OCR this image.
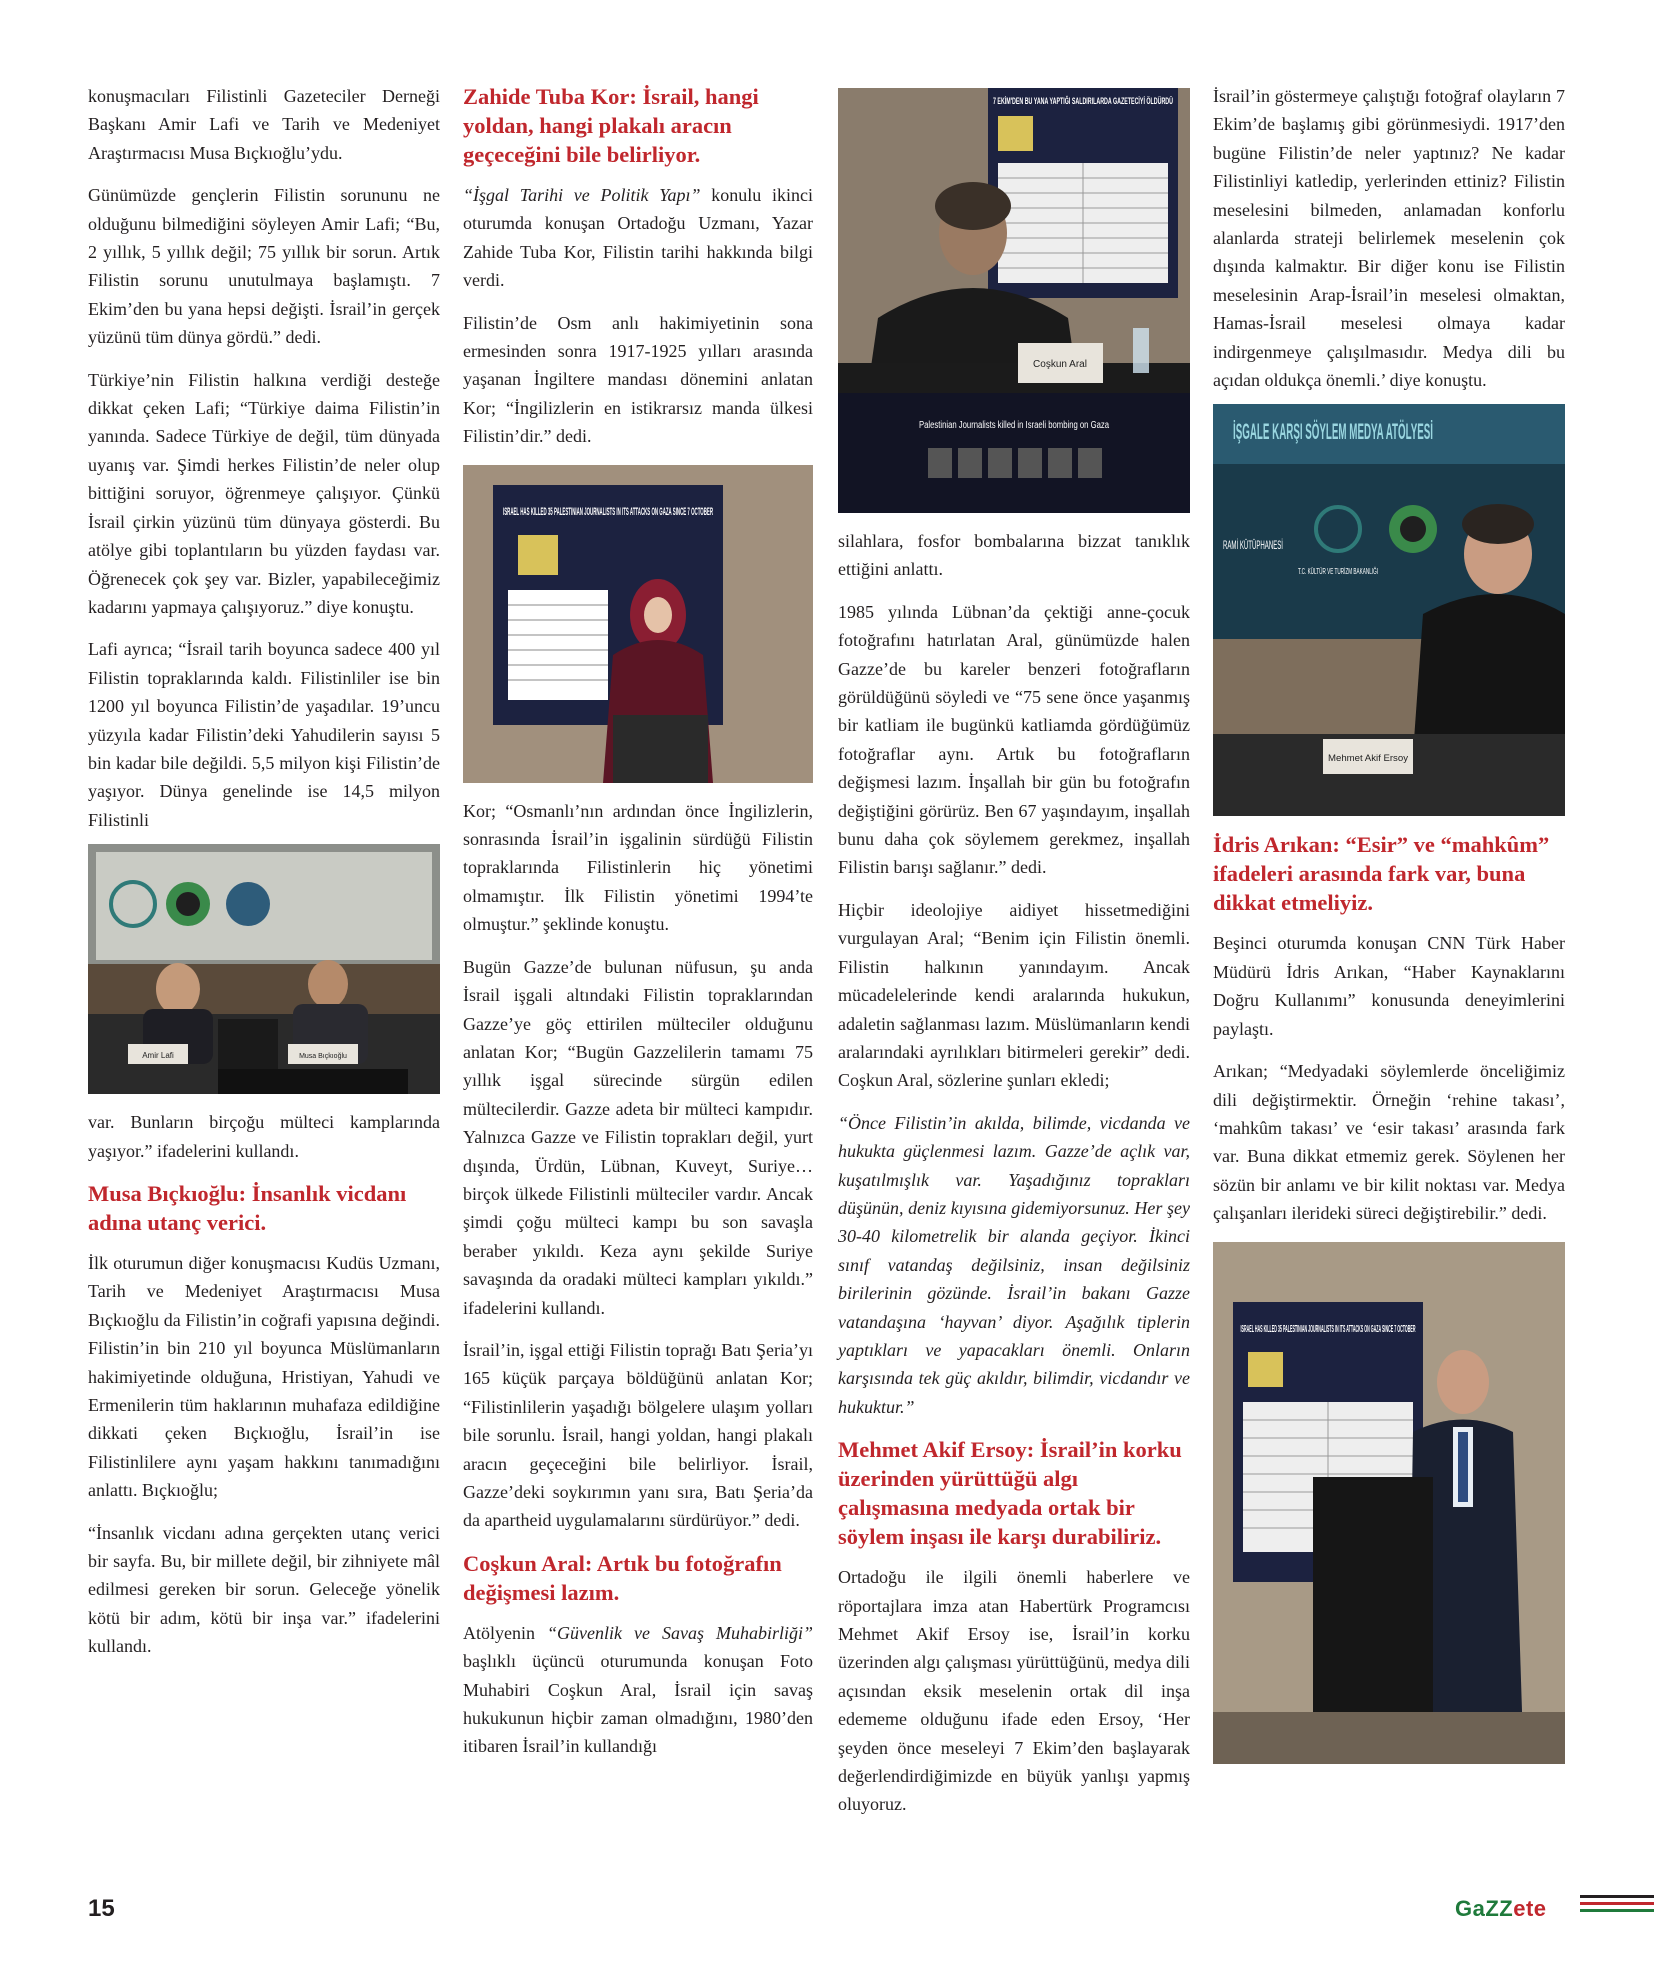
konuşmacıları Filistinli Gazeteciler Derneği Başkanı Amir Lafi ve Tarih ve Medeniyet Araştırmacısı Musa Bıçkıoğlu’ydu.

Günümüzde gençlerin Filistin sorununu ne olduğunu bilmediğini söyleyen Amir Lafi; “Bu, 2 yıllık, 5 yıllık değil; 75 yıllık bir sorun. Artık Filistin sorunu unutulmaya başlamıştı. 7 Ekim’den bu yana hepsi değişti. İsrail’in gerçek yüzünü tüm dünya gördü.” dedi.

Türkiye’nin Filistin halkına verdiği desteğe dikkat çeken Lafi; “Türkiye daima Filistin’in yanında. Sadece Türkiye de değil, tüm dünyada uyanış var. Şimdi herkes Filistin’de neler olup bittiğini soruyor, öğrenmeye çalışıyor. Çünkü İsrail çirkin yüzünü tüm dünyaya gösterdi. Bu atölye gibi toplantıların bu yüzden faydası var. Öğrenecek çok şey var. Bizler, yapabileceğimiz kadarını yapmaya çalışıyoruz.” diye konuştu.

Lafi ayrıca; “İsrail tarih boyunca sadece 400 yıl Filistin topraklarında kaldı. Filistinliler ise bin 1200 yıl boyunca Filistin’de yaşadılar. 19’uncu yüzyıla kadar Filistin’deki Yahudilerin sayısı 5 bin kadar bile değildi. 5,5 milyon kişi Filistin’de yaşıyor. Dünya genelinde ise 14,5 milyon Filistinli

Amir Lafi	Musa Bıçkıoğlu

var. Bunların birçoğu mülteci kamplarında yaşıyor.” ifadelerini kullandı.

Musa Bıçkıoğlu: İnsanlık vicdanı adına utanç verici.

İlk oturumun diğer konuşmacısı Kudüs Uzmanı, Tarih ve Medeniyet Araştırmacısı Musa Bıçkıoğlu da Filistin’in coğrafi yapısına değindi. Filistin’in bin 210 yıl boyunca Müslümanların hakimiyetinde olduğuna, Hristiyan, Yahudi ve Ermenilerin tüm haklarının muhafaza edildiğine dikkati çeken Bıçkıoğlu, İsrail’in ise Filistinlilere aynı yaşam hakkını tanımadığını anlattı. Bıçkıoğlu;

“İnsanlık vicdanı adına gerçekten utanç verici bir sayfa. Bu, bir millete değil, bir zihniyete mâl edilmesi gereken bir sorun. Geleceğe yönelik kötü bir adım, kötü bir inşa var.” ifadelerini kullandı.

Zahide Tuba Kor: İsrail, hangi yoldan, hangi plakalı aracın geçeceğini bile belirliyor.

“İşgal Tarihi ve Politik Yapı” konulu ikinci oturumda konuşan Ortadoğu Uzmanı, Yazar Zahide Tuba Kor, Filistin tarihi hakkında bilgi verdi.

Filistin’de Osm anlı hakimiyetinin sona ermesinden sonra 1917-1925 yılları arasında yaşanan İngiltere mandası dönemini anlatan Kor; “İngilizlerin en istikrarsız manda ülkesi Filistin’dir.” dedi.

ISRAEL HAS KILLED 35 PALESTINIAN JOURNALISTS IN ITS ATTACKS ON GAZA SINCE 7 OCTOBER

Kor; “Osmanlı’nın ardından önce İngilizlerin, sonrasında İsrail’in işgalinin sürdüğü Filistin topraklarında Filistinlerin hiç yönetimi olmamıştır. İlk Filistin yönetimi 1994’te olmuştur.” şeklinde konuştu.

Bugün Gazze’de bulunan nüfusun, şu anda İsrail işgali altındaki Filistin topraklarından Gazze’ye göç ettirilen mülteciler olduğunu anlatan Kor; “Bugün Gazzelilerin tamamı 75 yıllık işgal sürecinde sürgün edilen mültecilerdir. Gazze adeta bir mülteci kampıdır. Yalnızca Gazze ve Filistin toprakları değil, yurt dışında, Ürdün, Lübnan, Kuveyt, Suriye… birçok ülkede Filistinli mülteciler vardır. Ancak şimdi çoğu mülteci kampı bu son savaşla beraber yıkıldı. Keza aynı şekilde Suriye savaşında da oradaki mülteci kampları yıkıldı.” ifadelerini kullandı.

İsrail’in, işgal ettiği Filistin toprağı Batı Şeria’yı 165 küçük parçaya böldüğünü anlatan Kor; “Filistinlilerin yaşadığı bölgelere ulaşım yolları bile sorunlu. İsrail, hangi yoldan, hangi plakalı aracın geçeceğini bile belirliyor. İsrail, Gazze’deki soykırımın yanı sıra, Batı Şeria’da da apartheid uygulamalarını sürdürüyor.” dedi.

Coşkun Aral: Artık bu fotoğrafın değişmesi lazım.

Atölyenin “Güvenlik ve Savaş Muhabirliği” başlıklı üçüncü oturumunda konuşan Foto Muhabiri Coşkun Aral, İsrail için savaş hukukunun hiçbir zaman olmadığını, 1980’den itibaren İsrail’in kullandığı

7 EKİM'DEN BU YANA YAPTIĞI SALDIRILARDA GAZETECİYİ ÖLDÜRDÜ
Coşkun Aral
Palestinian Journalists killed in Israeli bombing on Gaza

silahlara, fosfor bombalarına bizzat tanıklık ettiğini anlattı.

1985 yılında Lübnan’da çektiği anne-çocuk fotoğrafını hatırlatan Aral, günümüzde halen Gazze’de bu kareler benzeri fotoğrafların görüldüğünü söyledi ve “75 sene önce yaşanmış bir katliam ile bugünkü katliamda gördüğümüz fotoğraflar aynı. Artık bu fotoğrafların değişmesi lazım. İnşallah bir gün bu fotoğrafın değiştiğini görürüz. Ben 67 yaşındayım, inşallah bunu daha çok söylemem gerekmez, inşallah Filistin barışı sağlanır.” dedi.

Hiçbir ideolojiye aidiyet hissetmediğini vurgulayan Aral; “Benim için Filistin önemli. Filistin halkının yanındayım. Ancak mücadelelerinde kendi aralarında hukukun, adaletin sağlanması lazım. Müslümanların kendi aralarındaki ayrılıkları bitirmeleri gerekir” dedi. Coşkun Aral, sözlerine şunları ekledi;

“Önce Filistin’in akılda, bilimde, vicdanda ve hukukta güçlenmesi lazım. Gazze’de açlık var, kuşatılmışlık var. Yaşadığınız toprakları düşünün, deniz kıyısına gidemiyorsunuz. Her şey 30-40 kilometrelik bir alanda geçiyor. İkinci sınıf vatandaş değilsiniz, insan değilsiniz birilerinin gözünde. İsrail’in bakanı Gazze vatandaşına ‘hayvan’ diyor. Aşağılık tiplerin yaptıkları ve yapacakları önemli. Onların karşısında tek güç akıldır, bilimdir, vicdandır ve hukuktur.”

Mehmet Akif Ersoy: İsrail’in korku üzerinden yürüttüğü algı çalışmasına medyada ortak bir söylem inşası ile karşı durabiliriz.

Ortadoğu ile ilgili önemli haberlere ve röportajlara imza atan Habertürk Programcısı Mehmet Akif Ersoy ise, İsrail’in korku üzerinden algı çalışması yürüttüğünü, medya dili açısından eksik meselenin ortak dil inşa edememe olduğunu ifade eden Ersoy, ‘Her şeyden önce meseleyi 7 Ekim’den başlayarak değerlendirdiğimizde en büyük yanlışı yapmış oluyoruz.

İsrail’in göstermeye çalıştığı fotoğraf olayların 7 Ekim’de başlamış gibi görünmesiydi. 1917’den bugüne Filistin’de neler yaptınız? Ne kadar Filistinliyi katledip, yerlerinden ettiniz? Filistin meselesini bilmeden, anlamadan konforlu alanlarda strateji belirlemek meselenin çok dışında kalmaktır. Bir diğer konu ise Filistin meselesinin Arap-İsrail’in meselesi olmaktan, Hamas-İsrail meselesi olmaya kadar indirgenmeye çalışılmasıdır. Medya dili bu açıdan oldukça önemli.’ diye konuştu.

İŞGALE KARŞI SÖYLEM MEDYA ATÖLYESİ
RAMİ KÜTÜPHANESİ
T.C. KÜLTÜR VE TURİZM BAKANLIĞI
Mehmet Akif Ersoy
İdris Arıkan: “Esir” ve “mahkûm” ifadeleri arasında fark var, buna dikkat etmeliyiz.

Beşinci oturumda konuşan CNN Türk Haber Müdürü İdris Arıkan, “Haber Kaynaklarını Doğru Kullanımı” konusunda deneyimlerini paylaştı.

Arıkan; “Medyadaki söylemlerde önceliğimiz dili değiştirmektir. Örneğin ‘rehine takası’, ‘mahkûm takası’ ve ‘esir takası’ arasında fark var. Buna dikkat etmemiz gerek. Söylenen her sözün bir anlamı ve bir kilit noktası var. Medya çalışanları ilerideki süreci değiştirebilir.” dedi.

ISRAEL HAS KILLED 35 PALESTINIAN JOURNALISTS IN ITS ATTACKS ON GAZA SINCE 7 OCTOBER
15	GaZZete
